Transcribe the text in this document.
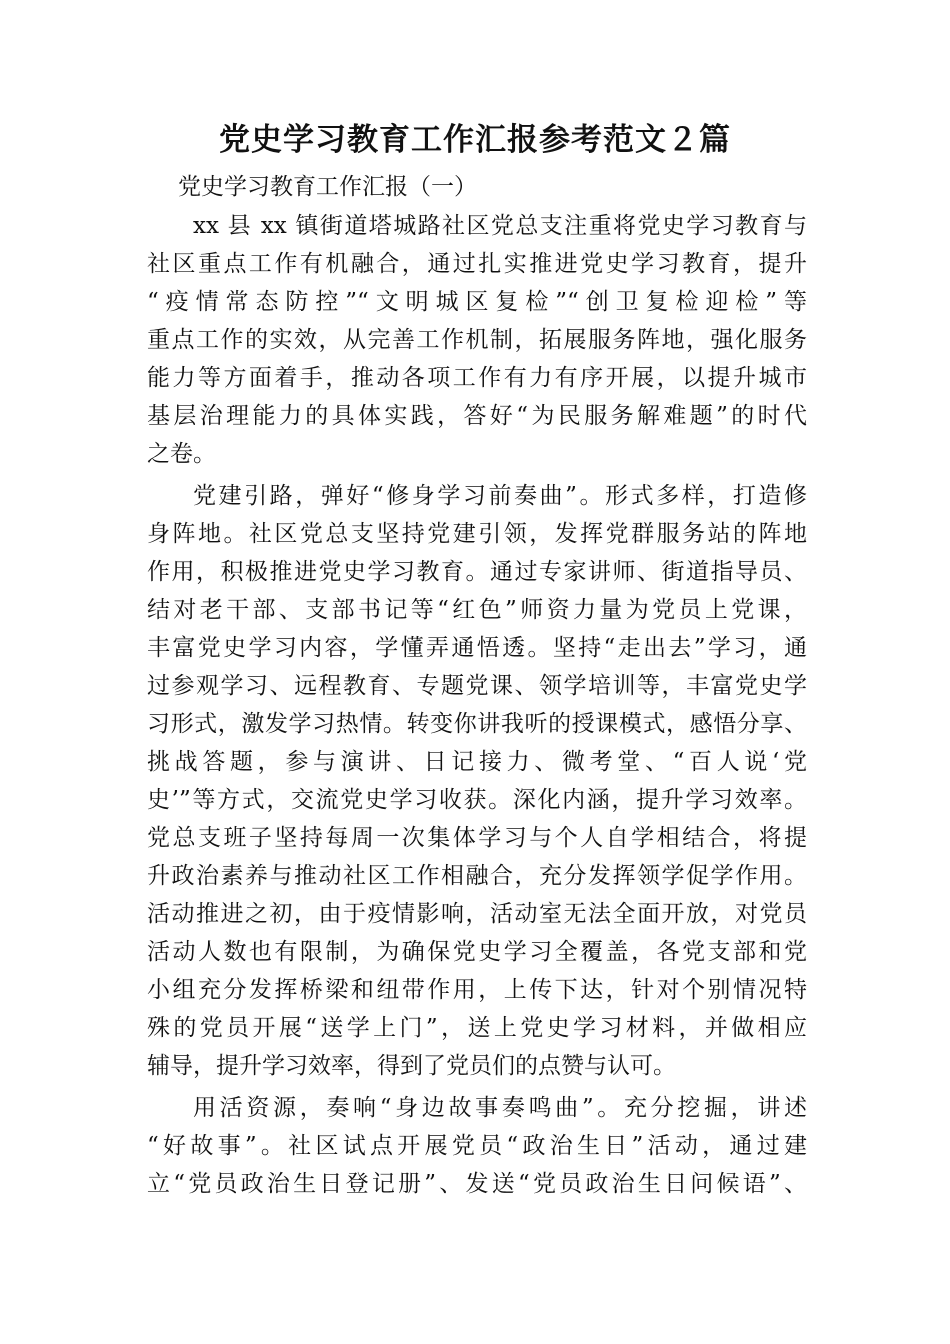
党史学习教育工作汇报参考范文２篇

党史学习教育工作汇报（一）

xx 县 xx 镇街道塔城路社区党总支注重将党史学习教育与

社区重点工作有机融合，通过扎实推进党史学习教育，提升

“疫情常态防控”“文明城区复检”“创卫复检迎检”等

重点工作的实效，从完善工作机制，拓展服务阵地，强化服务

能力等方面着手，推动各项工作有力有序开展，以提升城市

基层治理能力的具体实践，答好“为民服务解难题”的时代

之卷。

党建引路，弹好“修身学习前奏曲”。形式多样，打造修

身阵地。社区党总支坚持党建引领，发挥党群服务站的阵地

作用，积极推进党史学习教育。通过专家讲师、街道指导员、

结对老干部、支部书记等“红色”师资力量为党员上党课，

丰富党史学习内容，学懂弄通悟透。坚持“走出去”学习，通

过参观学习、远程教育、专题党课、领学培训等，丰富党史学

习形式，激发学习热情。转变你讲我听的授课模式，感悟分享、

挑战答题，参与演讲、日记接力、微考堂、“百人说‘党

史’”等方式，交流党史学习收获。深化内涵，提升学习效率。

党总支班子坚持每周一次集体学习与个人自学相结合，将提

升政治素养与推动社区工作相融合，充分发挥领学促学作用。

活动推进之初，由于疫情影响，活动室无法全面开放，对党员

活动人数也有限制，为确保党史学习全覆盖，各党支部和党

小组充分发挥桥梁和纽带作用，上传下达，针对个别情况特

殊的党员开展“送学上门”，送上党史学习材料，并做相应

辅导，提升学习效率，得到了党员们的点赞与认可。

用活资源，奏响“身边故事奏鸣曲”。充分挖掘，讲述

“好故事”。社区试点开展党员“政治生日”活动，通过建

立“党员政治生日登记册”、发送“党员政治生日问候语”、
